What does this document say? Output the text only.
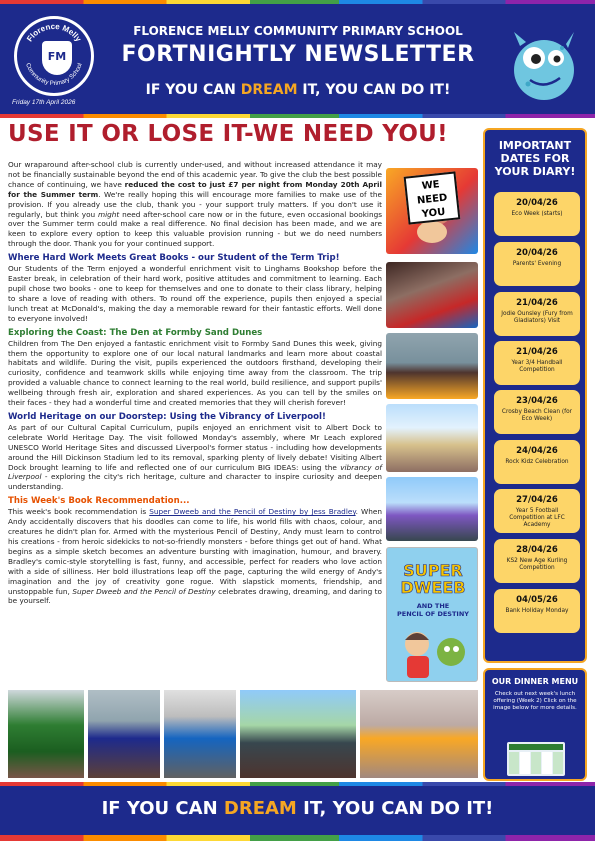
Florence Melly
Community Primary School
FM
Friday 17th April 2026
FLORENCE MELLY COMMUNITY PRIMARY SCHOOL
FORTNIGHTLY NEWSLETTER
IF YOU CAN DREAM IT, YOU CAN DO IT!
USE IT OR LOSE IT-WE NEED YOU!

Our wraparound after-school club is currently under-used, and without increased attendance it may not be financially sustainable beyond the end of this academic year. To give the club the best possible chance of continuing, we have reduced the cost to just £7 per night from Monday 20th April for the Summer term. We're really hoping this will encourage more families to make use of the provision. If you already use the club, thank you - your support truly matters. If you don't use it regularly, but think you might need after-school care now or in the future, even occasional bookings over the Summer term could make a real difference. No final decision has been made, and we are keen to explore every option to keep this valuable provision running - but we do need numbers through the door. Thank you for your continued support.

Where Hard Work Meets Great Books - our Student of the Term Trip!

Our Students of the Term enjoyed a wonderful enrichment visit to Linghams Bookshop before the Easter break, in celebration of their hard work, positive attitudes and commitment to learning. Each pupil chose two books - one to keep for themselves and one to donate to their class library, helping to share a love of reading with others. To round off the experience, pupils then enjoyed a special lunch treat at McDonald's, making the day a memorable reward for their fantastic efforts. Well done to everyone involved!

Exploring the Coast: The Den at Formby Sand Dunes

Children from The Den enjoyed a fantastic enrichment visit to Formby Sand Dunes this week, giving them the opportunity to explore one of our local natural landmarks and learn more about coastal habitats and wildlife. During the visit, pupils experienced the outdoors firsthand, developing their curiosity, confidence and teamwork skills while enjoying time away from the classroom. The trip provided a valuable chance to connect learning to the real world, build resilience, and support pupils' wellbeing through fresh air, exploration and shared experiences. As you can tell by the smiles on their faces - they had a wonderful time and created memories that they will cherish forever!

World Heritage on our Doorstep: Using the Vibrancy of Liverpool!

As part of our Cultural Capital Curriculum, pupils enjoyed an enrichment visit to Albert Dock to celebrate World Heritage Day. The visit followed Monday's assembly, where Mr Leach explored UNESCO World Heritage Sites and discussed Liverpool's former status - including how developments around the Hill Dickinson Stadium led to its removal, sparking plenty of lively debate! Visiting Albert Dock brought learning to life and reflected one of our curriculum BIG IDEAS: using the vibrancy of Liverpool - exploring the city's rich heritage, culture and character to inspire curiosity and deepen understanding.

This Week's Book Recommendation...

This week's book recommendation is Super Dweeb and the Pencil of Destiny by Jess Bradley. When Andy accidentally discovers that his doodles can come to life, his world fills with chaos, colour, and creatures he didn't plan for. Armed with the mysterious Pencil of Destiny, Andy must learn to control his creations - from heroic sidekicks to not-so-friendly monsters - before things get out of hand. What begins as a simple sketch becomes an adventure bursting with imagination, humour, and bravery. Bradley's comic-style storytelling is fast, funny, and accessible, perfect for readers who love action with a side of silliness. Her bold illustrations leap off the page, capturing the wild energy of Andy's imagination and the joy of creativity gone rogue. With slapstick moments, friendship, and unstoppable fun, Super Dweeb and the Pencil of Destiny celebrates drawing, dreaming, and daring to be yourself.

WE
NEED
YOU
SUPER
DWEEB
AND THE
PENCIL OF DESTINY
IMPORTANT DATES FOR YOUR DIARY!
20/04/26
Eco Week (starts)
20/04/26
Parents' Evening
21/04/26
Jodie Ounsley (Fury from Gladiators) Visit
21/04/26
Year 3/4 Handball Competition
23/04/26
Crosby Beach Clean (for Eco Week)
24/04/26
Rock Kidz Celebration
27/04/26
Year 5 Football Competition at LFC Academy
28/04/26
KS2 New Age Kurling Competition
04/05/26
Bank Holiday Monday
OUR DINNER MENU
Check out next week's lunch offering (Week 2) Click on the image below for more details.
IF YOU CAN DREAM IT, YOU CAN DO IT!
